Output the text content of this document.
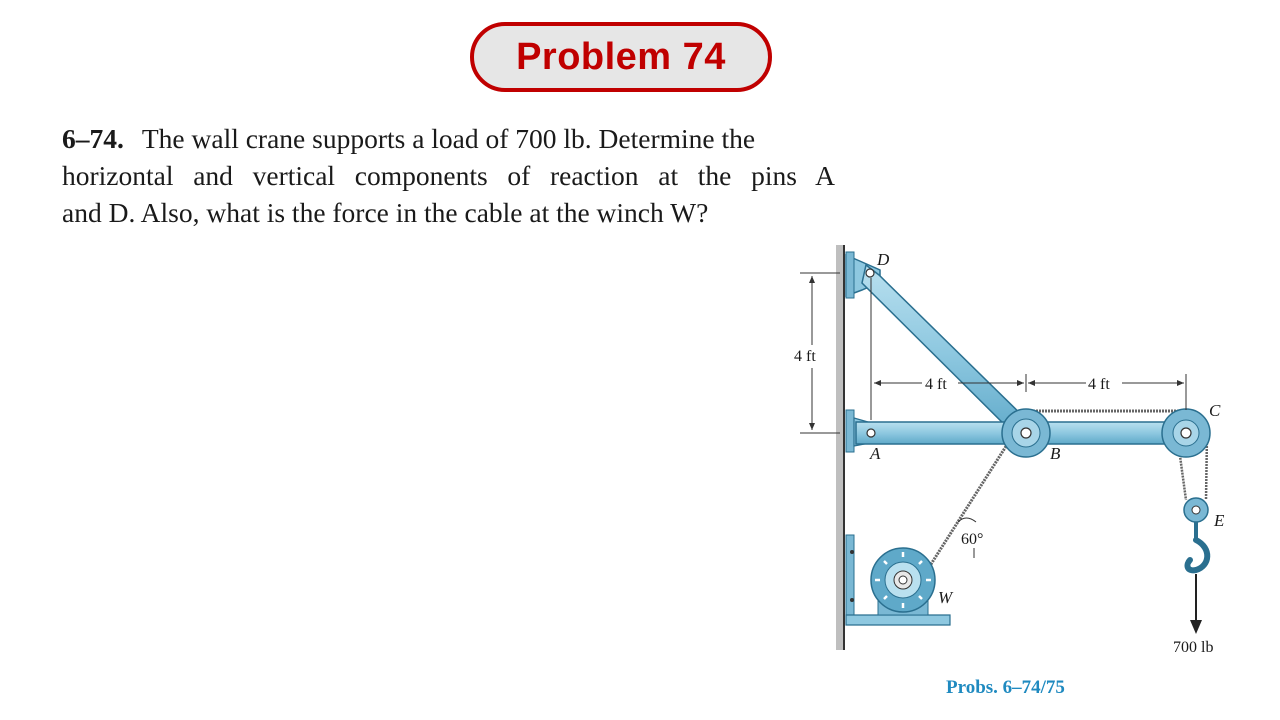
Problem 74
6–74. The wall crane supports a load of 700 lb. Determine the
horizontal and vertical components of reaction at the pins A
and D. Also, what is the force in the cable at the winch W?
D
A	B
C
E
W
4 ft
4 ft	4 ft
60°
700 lb
Probs. 6–74/75
